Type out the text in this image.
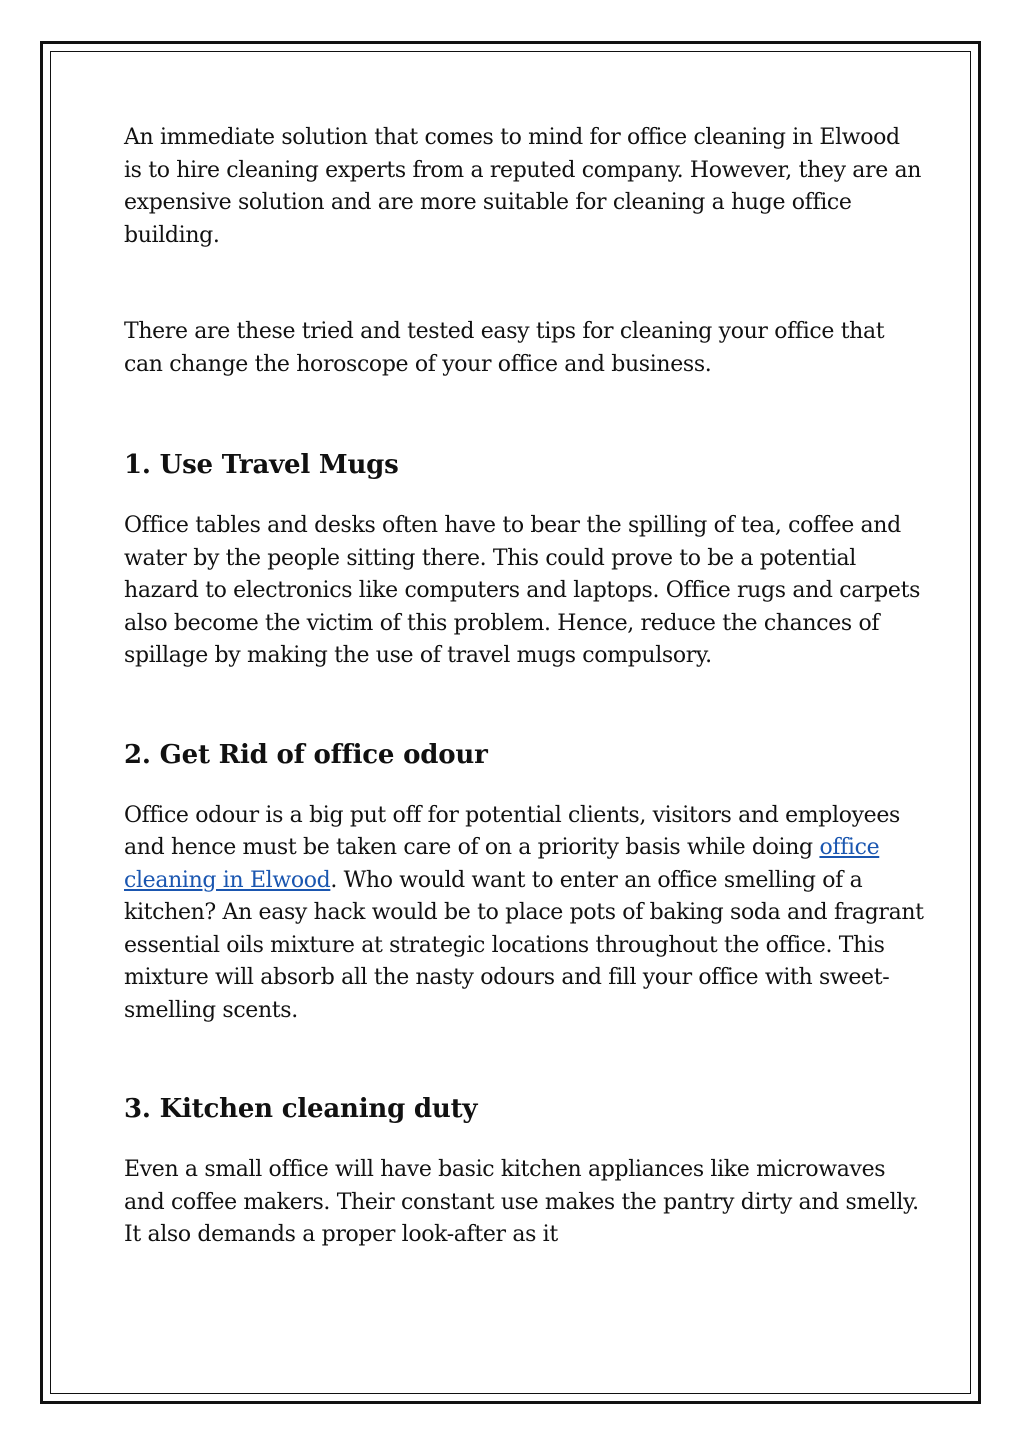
An immediate solution that comes to mind for office cleaning in Elwood is to hire cleaning experts from a reputed company. However, they are an expensive solution and are more suitable for cleaning a huge office building.

There are these tried and tested easy tips for cleaning your office that can change the horoscope of your office and business.

1. Use Travel Mugs

Office tables and desks often have to bear the spilling of tea, coffee and water by the people sitting there. This could prove to be a potential hazard to electronics like computers and laptops. Office rugs and carpets also become the victim of this problem. Hence, reduce the chances of spillage by making the use of travel mugs compulsory.

2. Get Rid of office odour

Office odour is a big put off for potential clients, visitors and employees and hence must be taken care of on a priority basis while doing office cleaning in Elwood. Who would want to enter an office smelling of a kitchen? An easy hack would be to place pots of baking soda and fragrant essential oils mixture at strategic locations throughout the office. This mixture will absorb all the nasty odours and fill your office with sweet-smelling scents.

3. Kitchen cleaning duty

Even a small office will have basic kitchen appliances like microwaves and coffee makers. Their constant use makes the pantry dirty and smelly. It also demands a proper look-after as it
